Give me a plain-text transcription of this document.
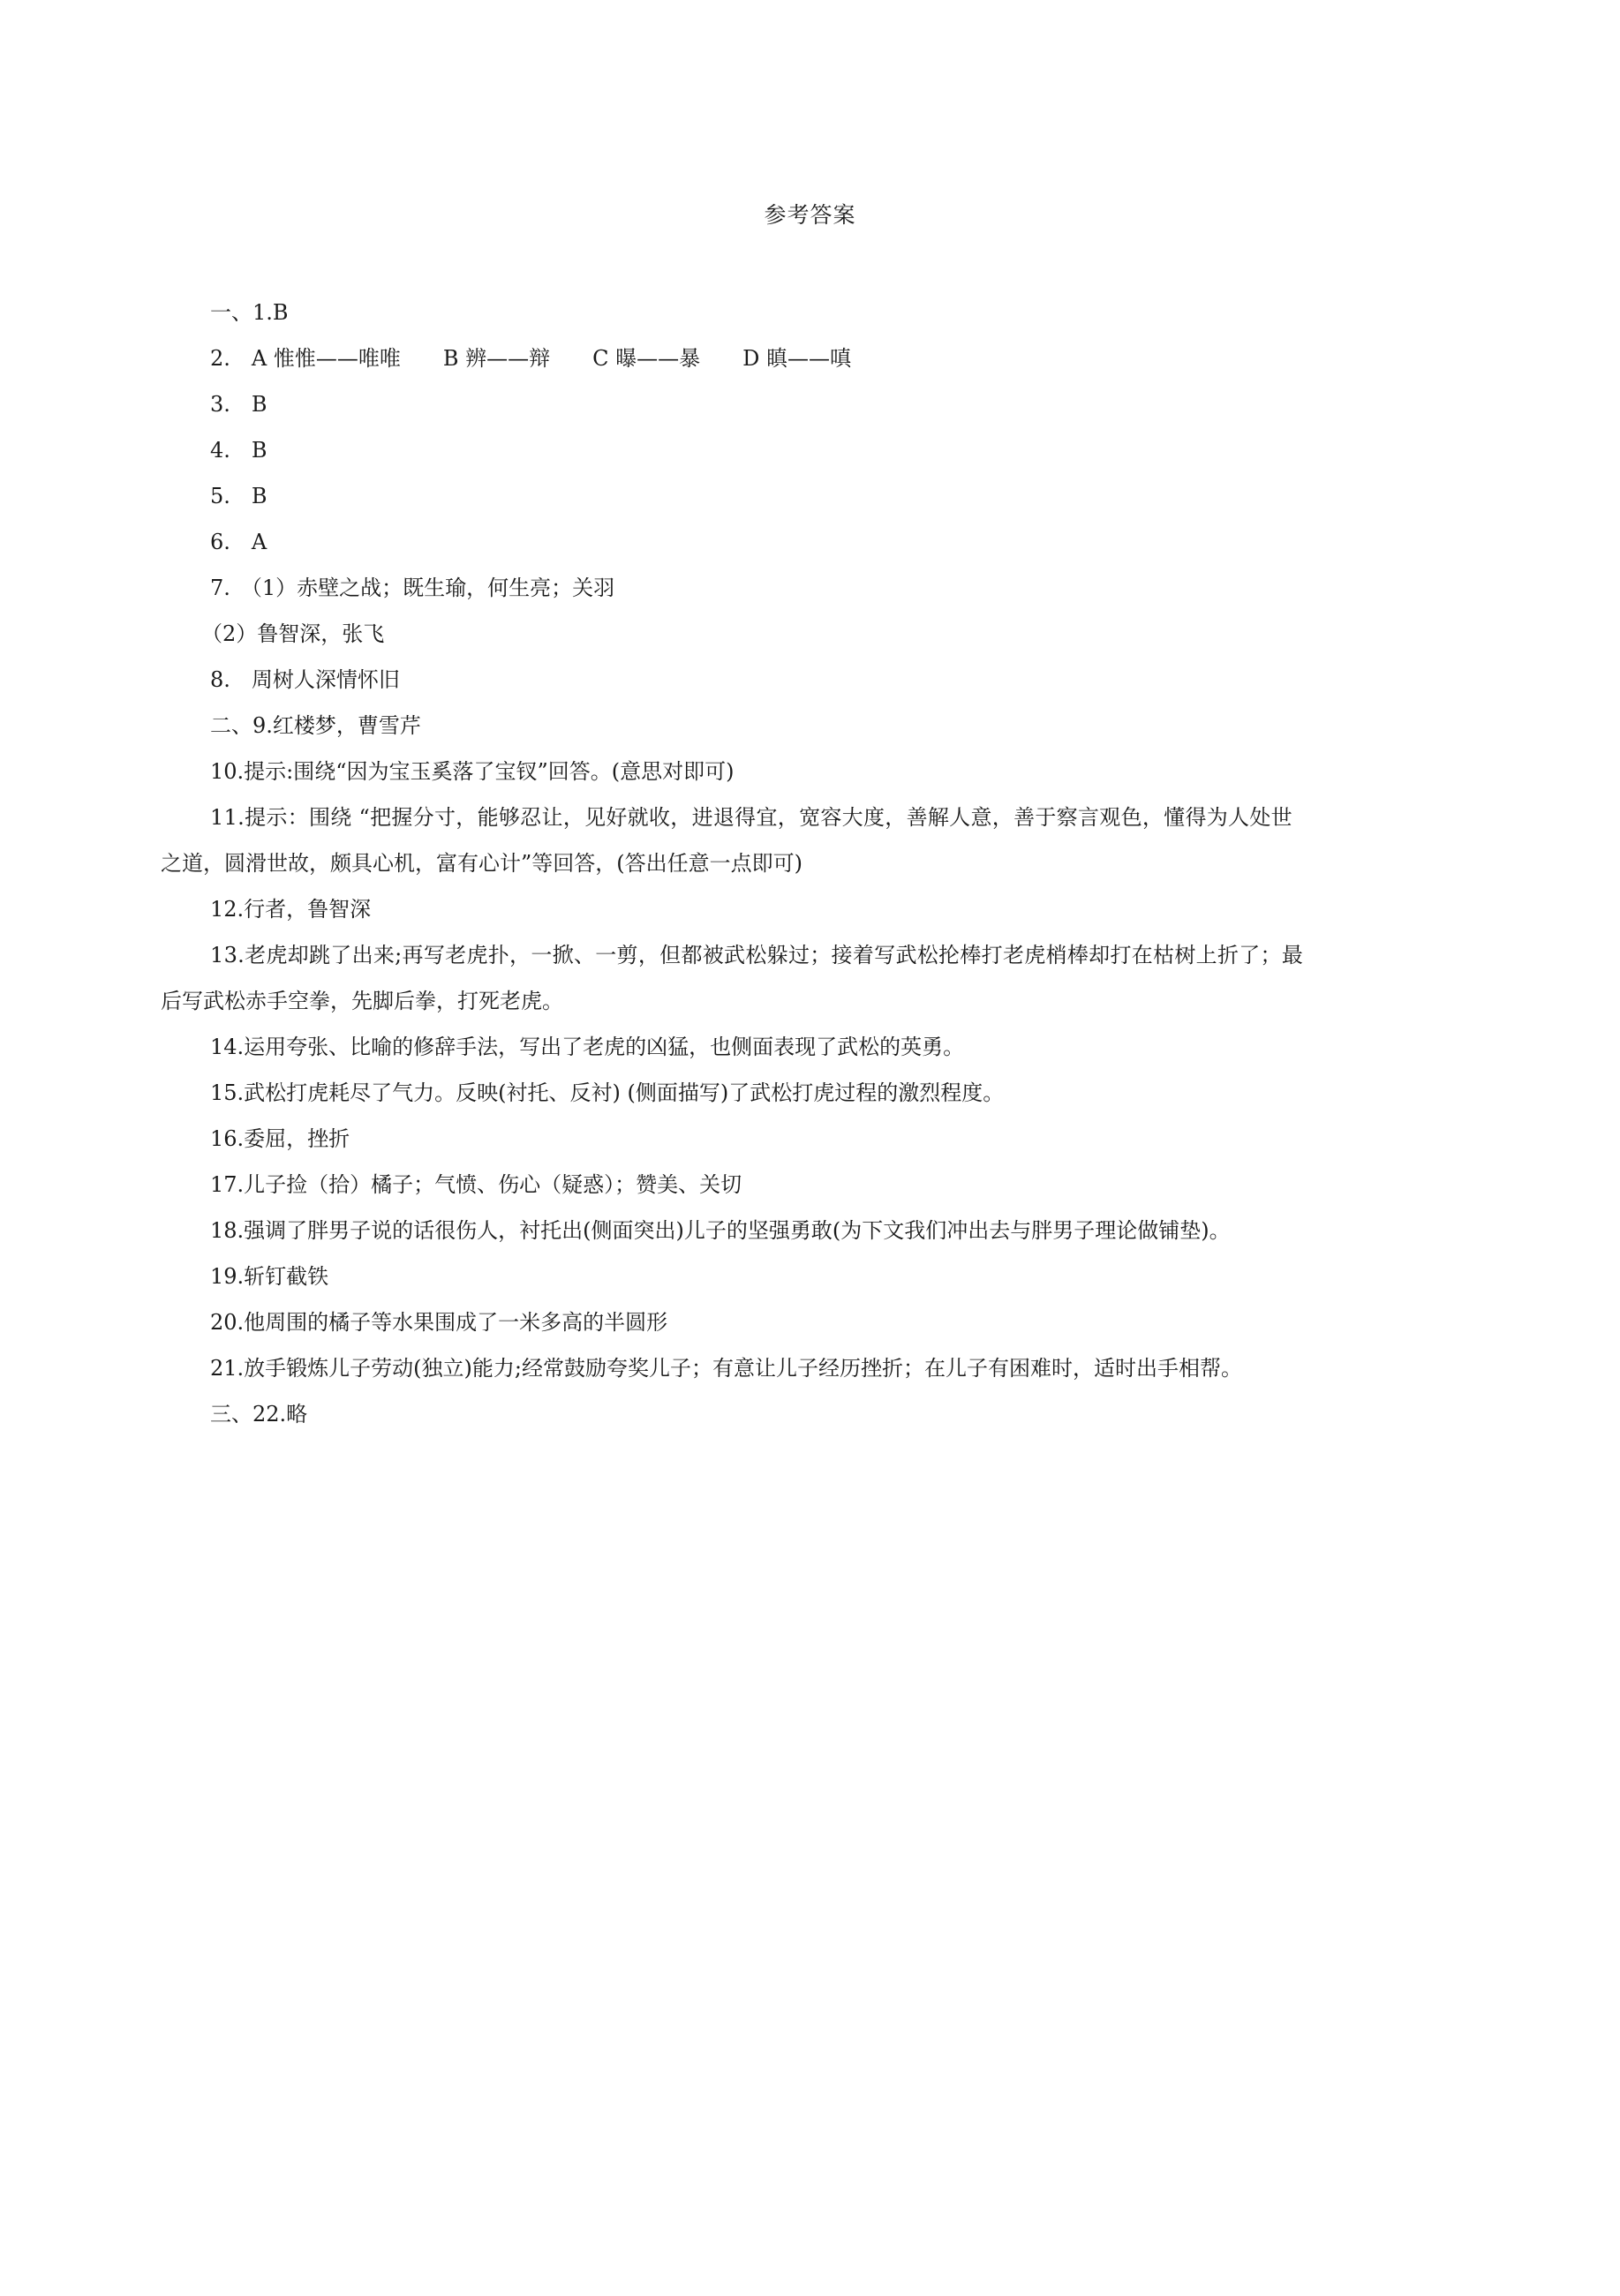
参考答案
一、1.B
2.　A 惟惟——唯唯　　B 辨——辩　　C 曝——暴　　D 瞋——嗔
3.　B
4.　B
5.　B
6.　A
7.　（1）赤壁之战；既生瑜，何生亮；关羽
（2）鲁智深，张飞
8.　周树人深情怀旧
二、9.红楼梦，曹雪芹
10.提示:围绕“因为宝玉奚落了宝钗”回答。(意思对即可)
11.提示：围绕 “把握分寸，能够忍让，见好就收，进退得宜，宽容大度，善解人意，善于察言观色，懂得为人处世
之道，圆滑世故，颇具心机，富有心计”等回答，(答出任意一点即可)
12.行者，鲁智深
13.老虎却跳了出来;再写老虎扑，一掀、一剪，但都被武松躲过；接着写武松抡棒打老虎梢棒却打在枯树上折了；最
后写武松赤手空拳，先脚后拳，打死老虎。
14.运用夸张、比喻的修辞手法，写出了老虎的凶猛，也侧面表现了武松的英勇。
15.武松打虎耗尽了气力。反映(衬托、反衬) (侧面描写)了武松打虎过程的激烈程度。
16.委屈，挫折
17.儿子捡（拾）橘子；气愤、伤心（疑惑）；赞美、关切
18.强调了胖男子说的话很伤人，衬托出(侧面突出)儿子的坚强勇敢(为下文我们冲出去与胖男子理论做铺垫)。
19.斩钉截铁
20.他周围的橘子等水果围成了一米多高的半圆形
21.放手锻炼儿子劳动(独立)能力;经常鼓励夸奖儿子；有意让儿子经历挫折；在儿子有困难时，适时出手相帮。
三、22.略
